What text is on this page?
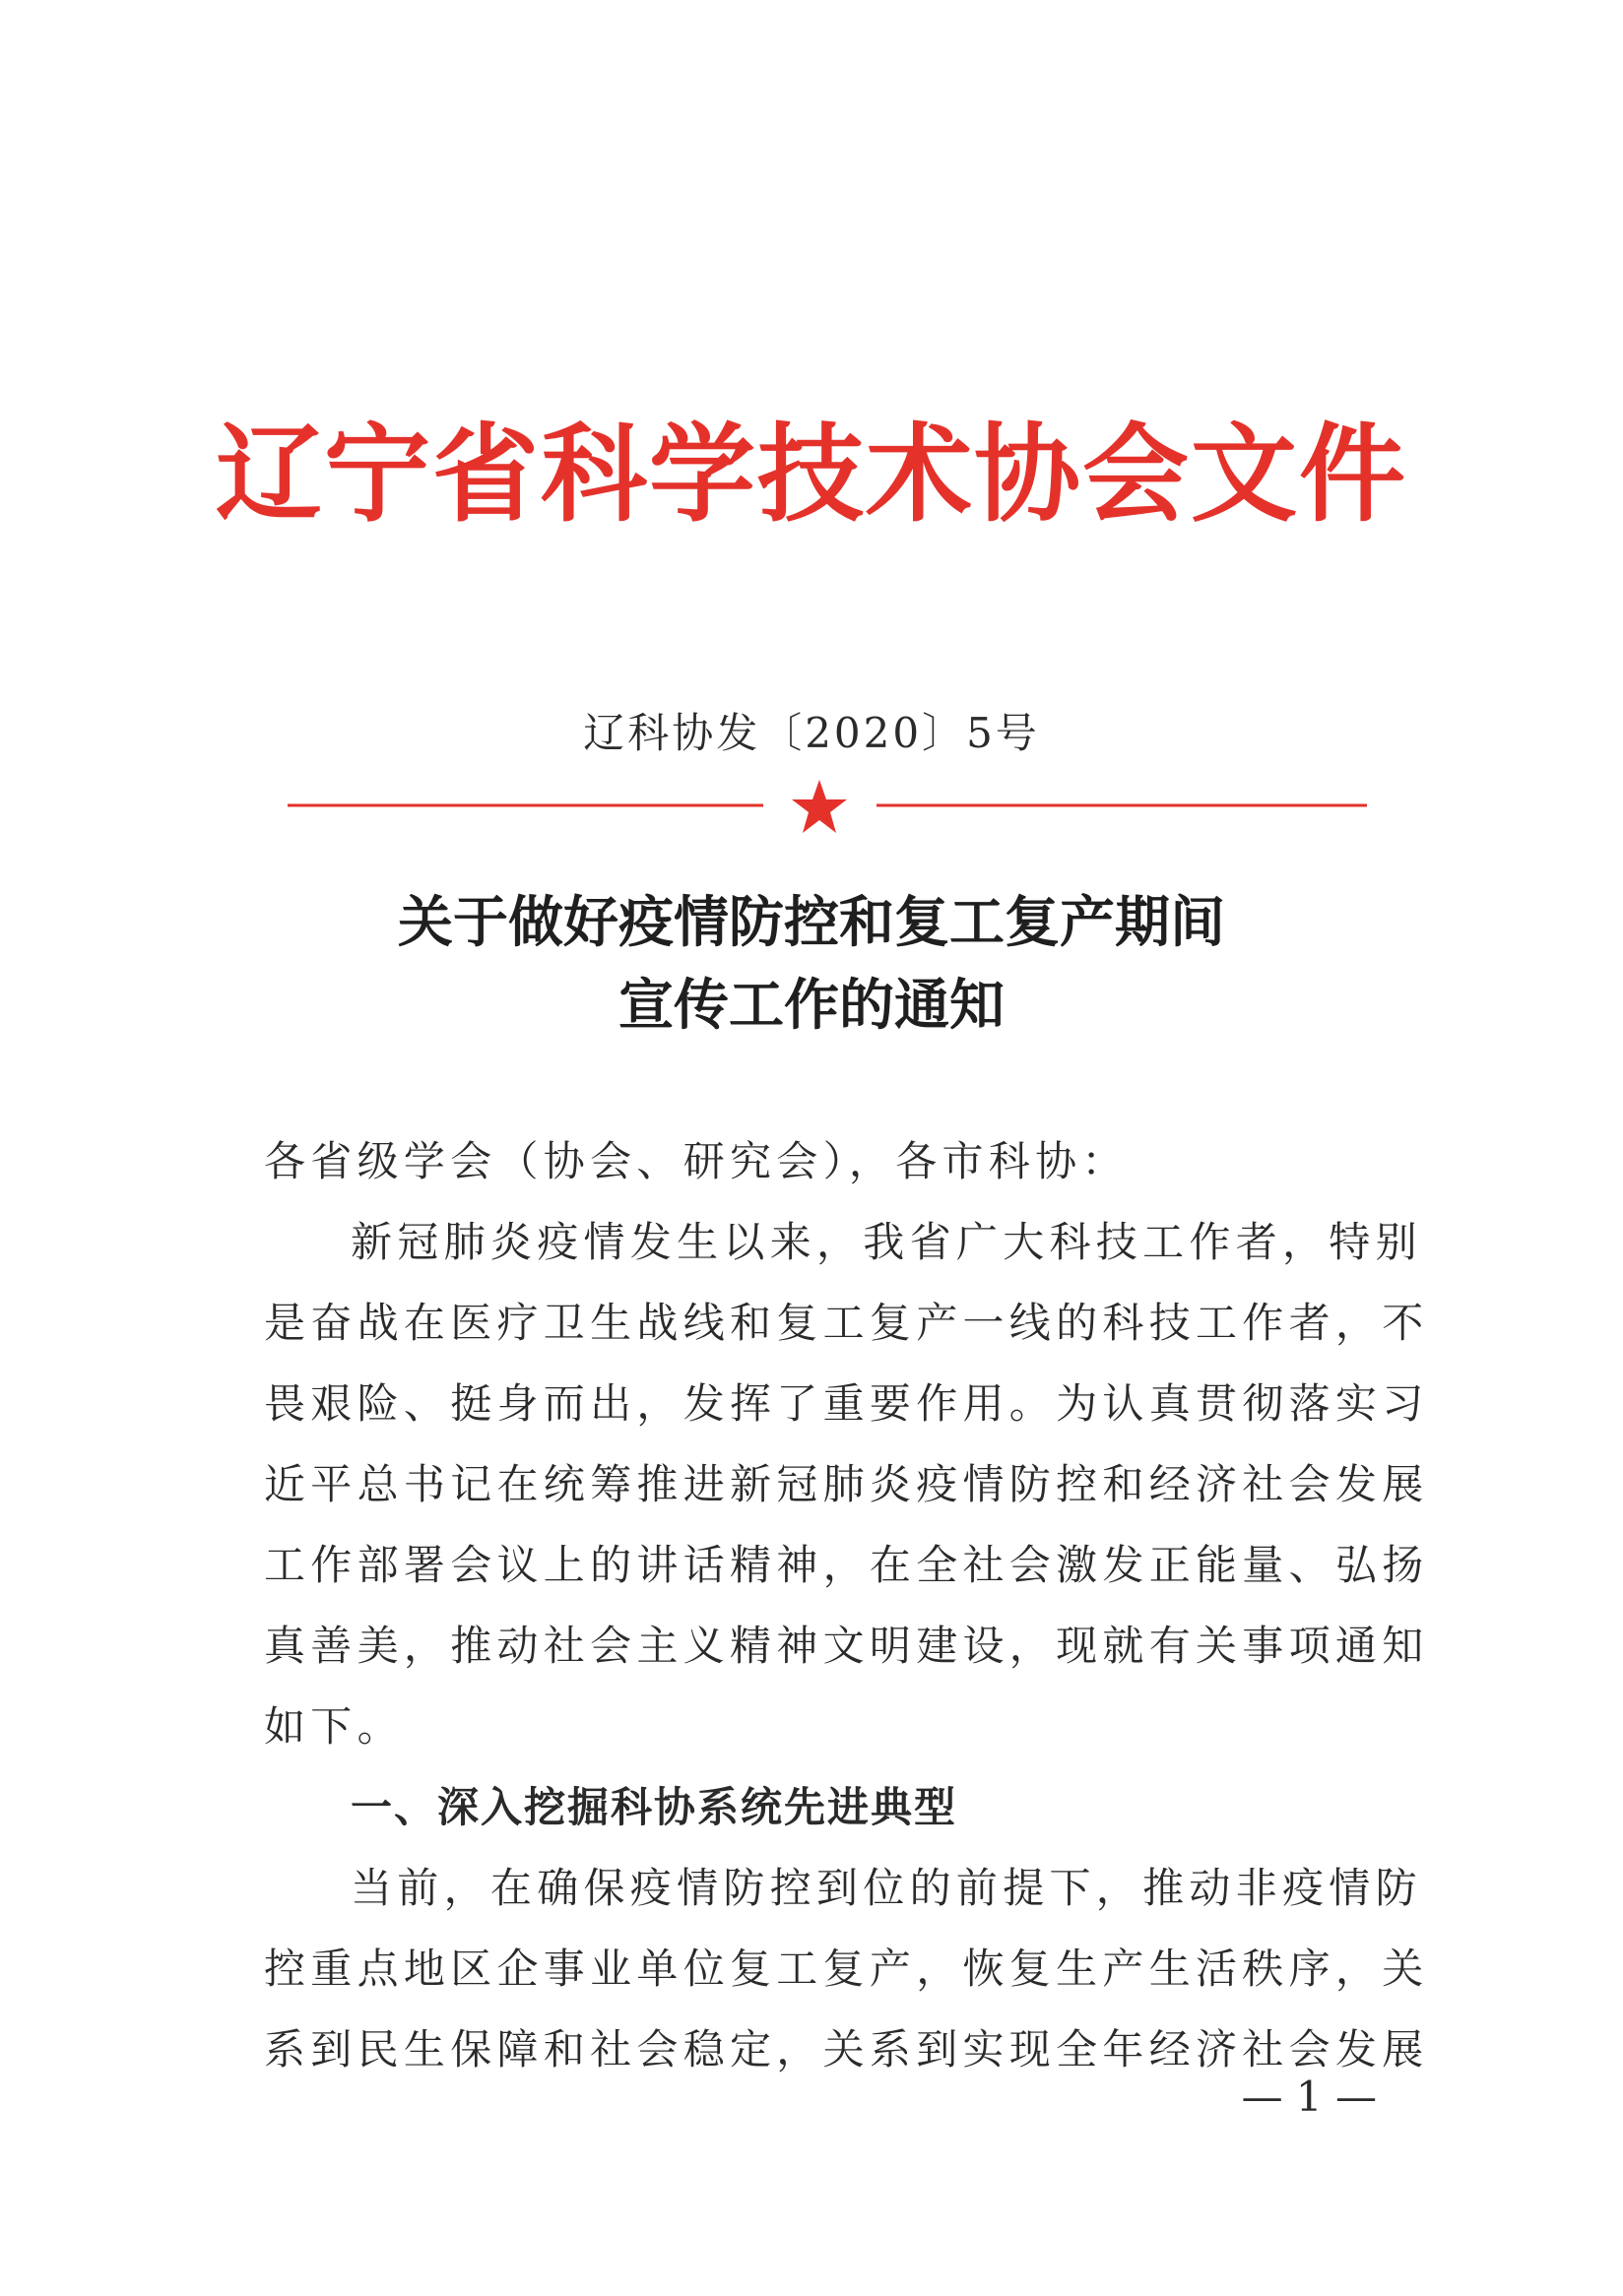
辽宁省科学技术协会文件
辽科协发〔2020〕5号
关于做好疫情防控和复工复产期间
宣传工作的通知
各省级学会（协会、研究会），各市科协：
新冠肺炎疫情发生以来，我省广大科技工作者，特别
是奋战在医疗卫生战线和复工复产一线的科技工作者，不
畏艰险、挺身而出，发挥了重要作用。为认真贯彻落实习
近平总书记在统筹推进新冠肺炎疫情防控和经济社会发展
工作部署会议上的讲话精神，在全社会激发正能量、弘扬
真善美，推动社会主义精神文明建设，现就有关事项通知
如下。
一、深入挖掘科协系统先进典型
当前，在确保疫情防控到位的前提下，推动非疫情防
控重点地区企事业单位复工复产，恢复生产生活秩序，关
系到民生保障和社会稳定，关系到实现全年经济社会发展
— 1 —
